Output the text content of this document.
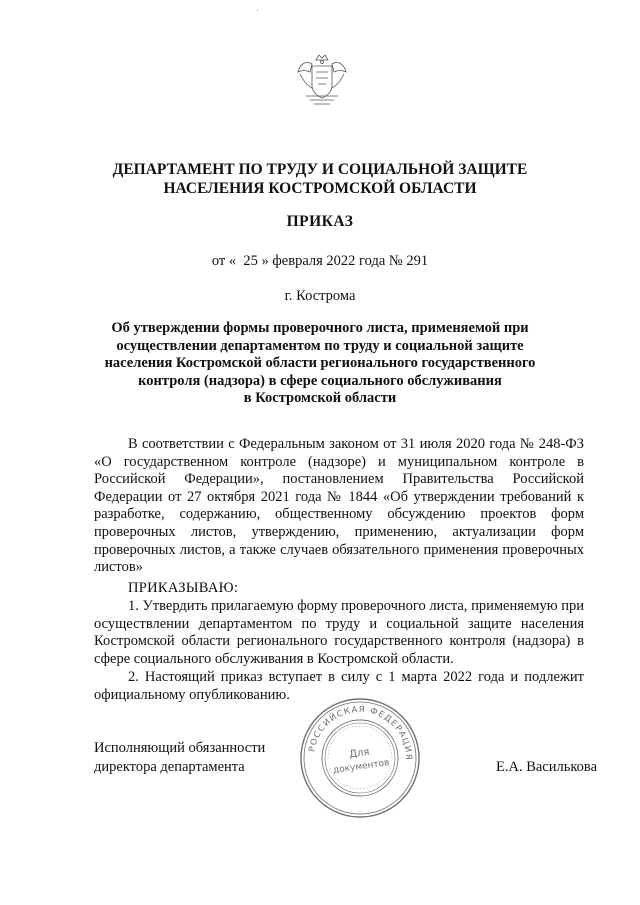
ДЕПАРТАМЕНТ ПО ТРУДУ И СОЦИАЛЬНОЙ ЗАЩИТЕ
НАСЕЛЕНИЯ КОСТРОМСКОЙ ОБЛАСТИ
ПРИКАЗ
от «  25 » февраля 2022 года № 291
г. Кострома
Об утверждении формы проверочного листа, применяемой при
осуществлении департаментом по труду и социальной защите
населения Костромской области регионального государственного
контроля (надзора) в сфере социального обслуживания
в Костромской области
В соответствии с Федеральным законом от 31 июля 2020 года № 248-ФЗ «О государственном контроле (надзоре) и муниципальном контроле в Российской Федерации», постановлением Правительства Российской Федерации от 27 октября 2021 года № 1844 «Об утверждении требований к разработке, содержанию, общественному обсуждению проектов форм проверочных листов, утверждению, применению, актуализации форм проверочных листов, а также случаев обязательного применения проверочных листов»
ПРИКАЗЫВАЮ:
1. Утвердить прилагаемую форму проверочного листа, применяемую при осуществлении департаментом по труду и социальной защите населения Костромской области регионального государственного контроля (надзора) в сфере социального обслуживания в Костромской области.
2. Настоящий приказ вступает в силу с 1 марта 2022 года и подлежит официальному опубликованию.
Исполняющий обязанности
директора департамента	Е.А. Василькова
РОССИЙСКАЯ ФЕДЕРАЦИЯ
Для
документов
·
